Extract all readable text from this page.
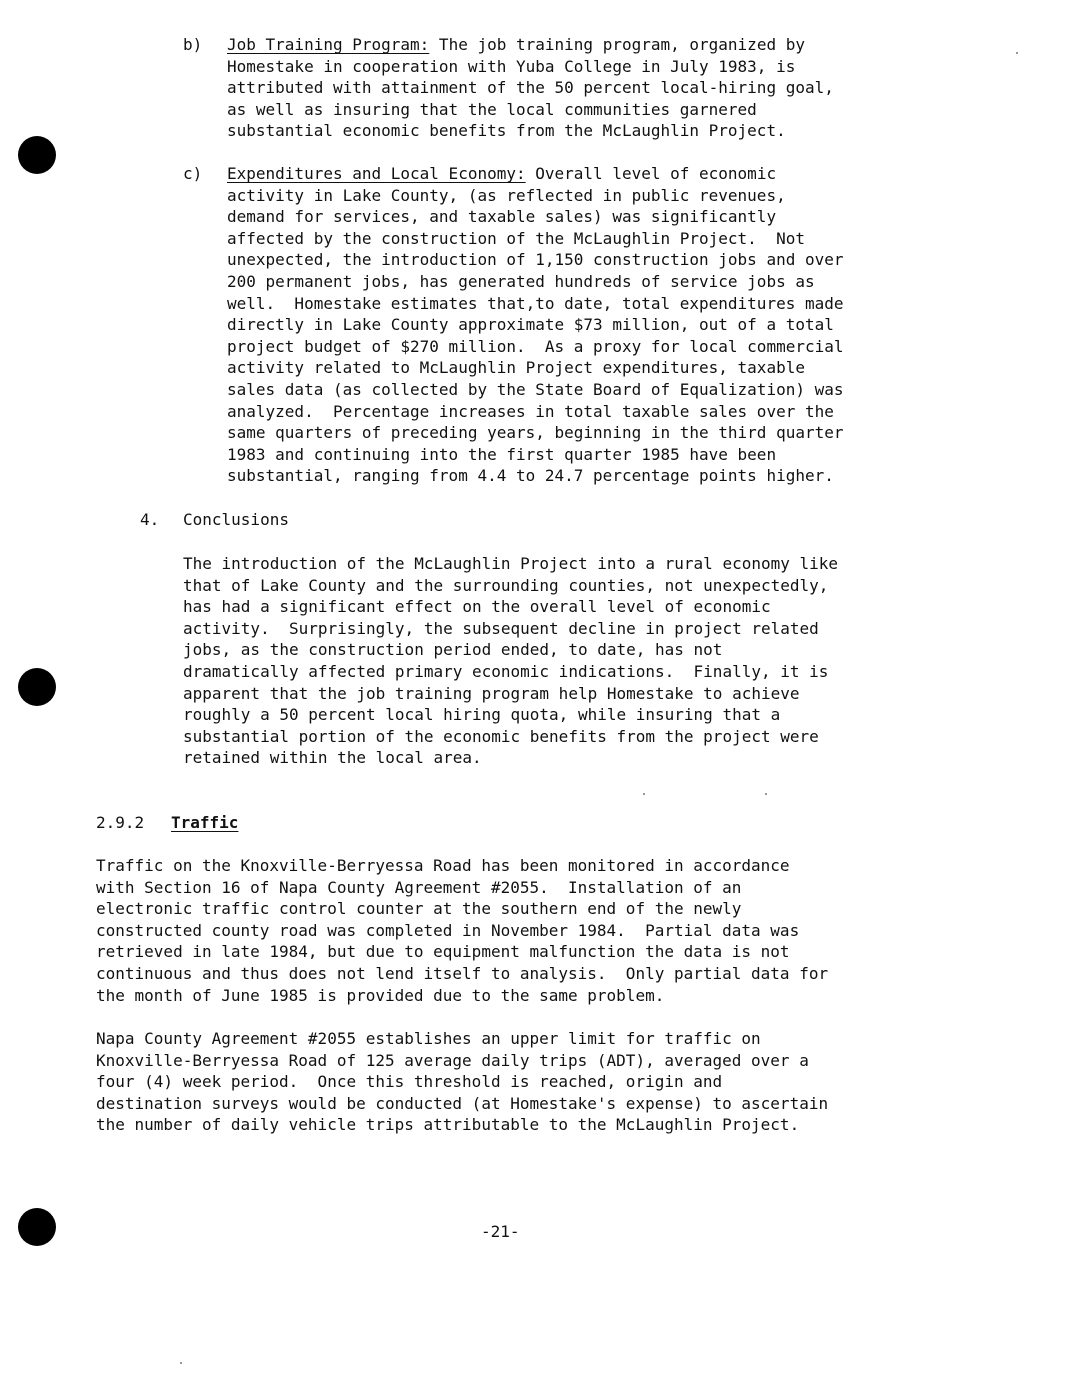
b) Job Training Program: The job training program, organized by
Homestake in cooperation with Yuba College in July 1983, is
attributed with attainment of the 50 percent local-hiring goal,
as well as insuring that the local communities garnered
substantial economic benefits from the McLaughlin Project.
c) Expenditures and Local Economy: Overall level of economic
activity in Lake County, (as reflected in public revenues,
demand for services, and taxable sales) was significantly
affected by the construction of the McLaughlin Project.  Not
unexpected, the introduction of 1,150 construction jobs and over
200 permanent jobs, has generated hundreds of service jobs as
well.  Homestake estimates that,to date, total expenditures made
directly in Lake County approximate $73 million, out of a total
project budget of $270 million.  As a proxy for local commercial
activity related to McLaughlin Project expenditures, taxable
sales data (as collected by the State Board of Equalization) was
analyzed.  Percentage increases in total taxable sales over the
same quarters of preceding years, beginning in the third quarter
1983 and continuing into the first quarter 1985 have been
substantial, ranging from 4.4 to 24.7 percentage points higher.
4. Conclusions
The introduction of the McLaughlin Project into a rural economy like
that of Lake County and the surrounding counties, not unexpectedly,
has had a significant effect on the overall level of economic
activity.  Surprisingly, the subsequent decline in project related
jobs, as the construction period ended, to date, has not
dramatically affected primary economic indications.  Finally, it is
apparent that the job training program help Homestake to achieve
roughly a 50 percent local hiring quota, while insuring that a
substantial portion of the economic benefits from the project were
retained within the local area.
2.9.2 Traffic
Traffic on the Knoxville-Berryessa Road has been monitored in accordance
with Section 16 of Napa County Agreement #2055.  Installation of an
electronic traffic control counter at the southern end of the newly
constructed county road was completed in November 1984.  Partial data was
retrieved in late 1984, but due to equipment malfunction the data is not
continuous and thus does not lend itself to analysis.  Only partial data for
the month of June 1985 is provided due to the same problem.
Napa County Agreement #2055 establishes an upper limit for traffic on
Knoxville-Berryessa Road of 125 average daily trips (ADT), averaged over a
four (4) week period.  Once this threshold is reached, origin and
destination surveys would be conducted (at Homestake's expense) to ascertain
the number of daily vehicle trips attributable to the McLaughlin Project.
-21-
